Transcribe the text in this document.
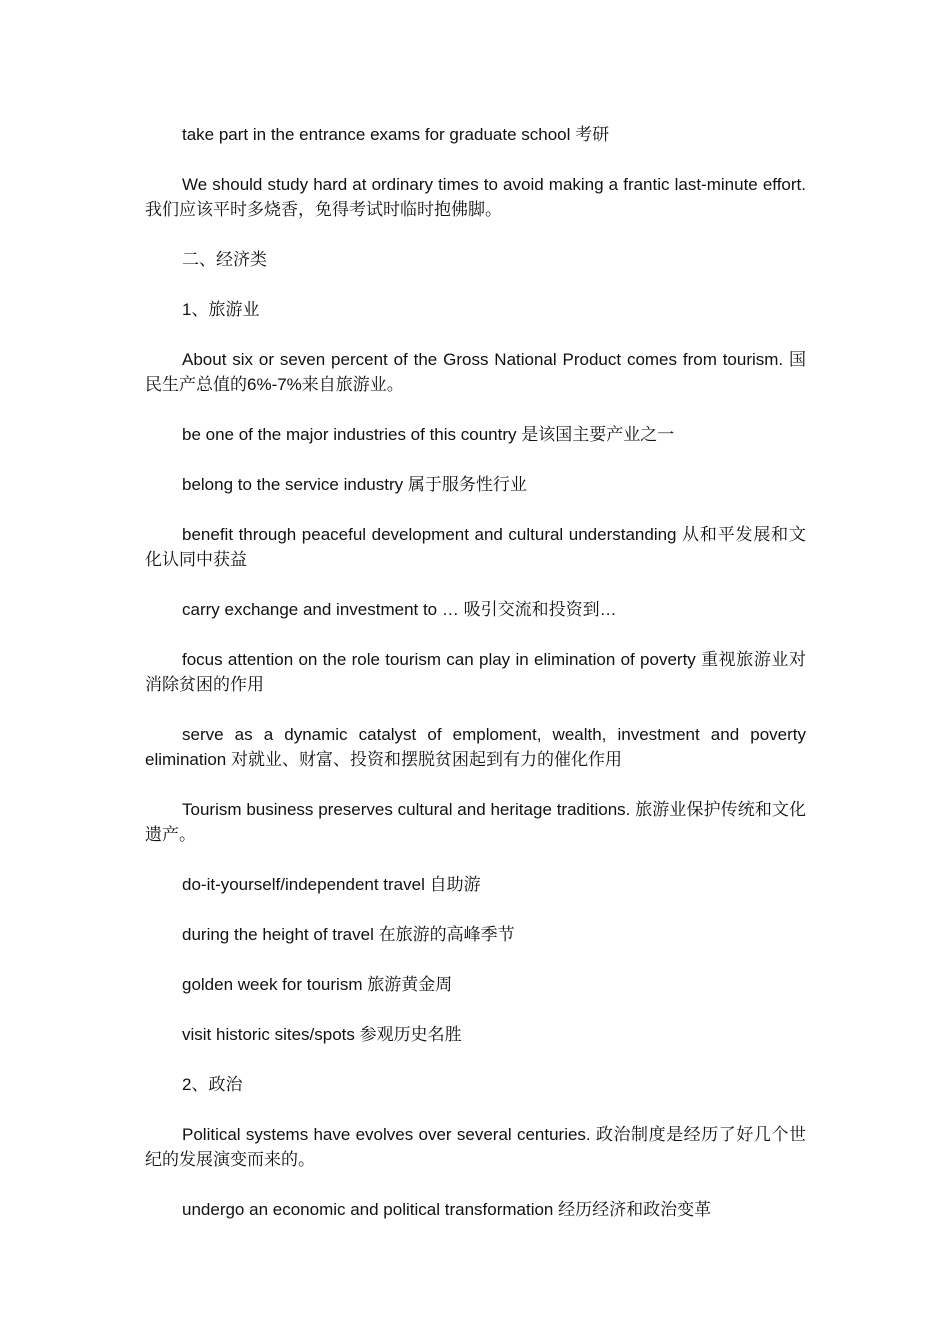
take part in the entrance exams for graduate school 考研

We should study hard at ordinary times to avoid making a frantic last-minute effort. 我们应该平时多烧香，免得考试时临时抱佛脚。

二、经济类

1、旅游业

About six or seven percent of the Gross National Product comes from tourism. 国民生产总值的6%-7%来自旅游业。

be one of the major industries of this country 是该国主要产业之一

belong to the service industry 属于服务性行业

benefit through peaceful development and cultural understanding 从和平发展和文化认同中获益

carry exchange and investment to … 吸引交流和投资到…

focus attention on the role tourism can play in elimination of poverty 重视旅游业对消除贫困的作用

serve as a dynamic catalyst of emploment, wealth, investment and poverty elimination 对就业、财富、投资和摆脱贫困起到有力的催化作用

Tourism business preserves cultural and heritage traditions. 旅游业保护传统和文化遗产。

do-it-yourself/independent travel 自助游

during the height of travel 在旅游的高峰季节

golden week for tourism 旅游黄金周

visit historic sites/spots 参观历史名胜

2、政治

Political systems have evolves over several centuries. 政治制度是经历了好几个世纪的发展演变而来的。

undergo an economic and political transformation 经历经济和政治变革
